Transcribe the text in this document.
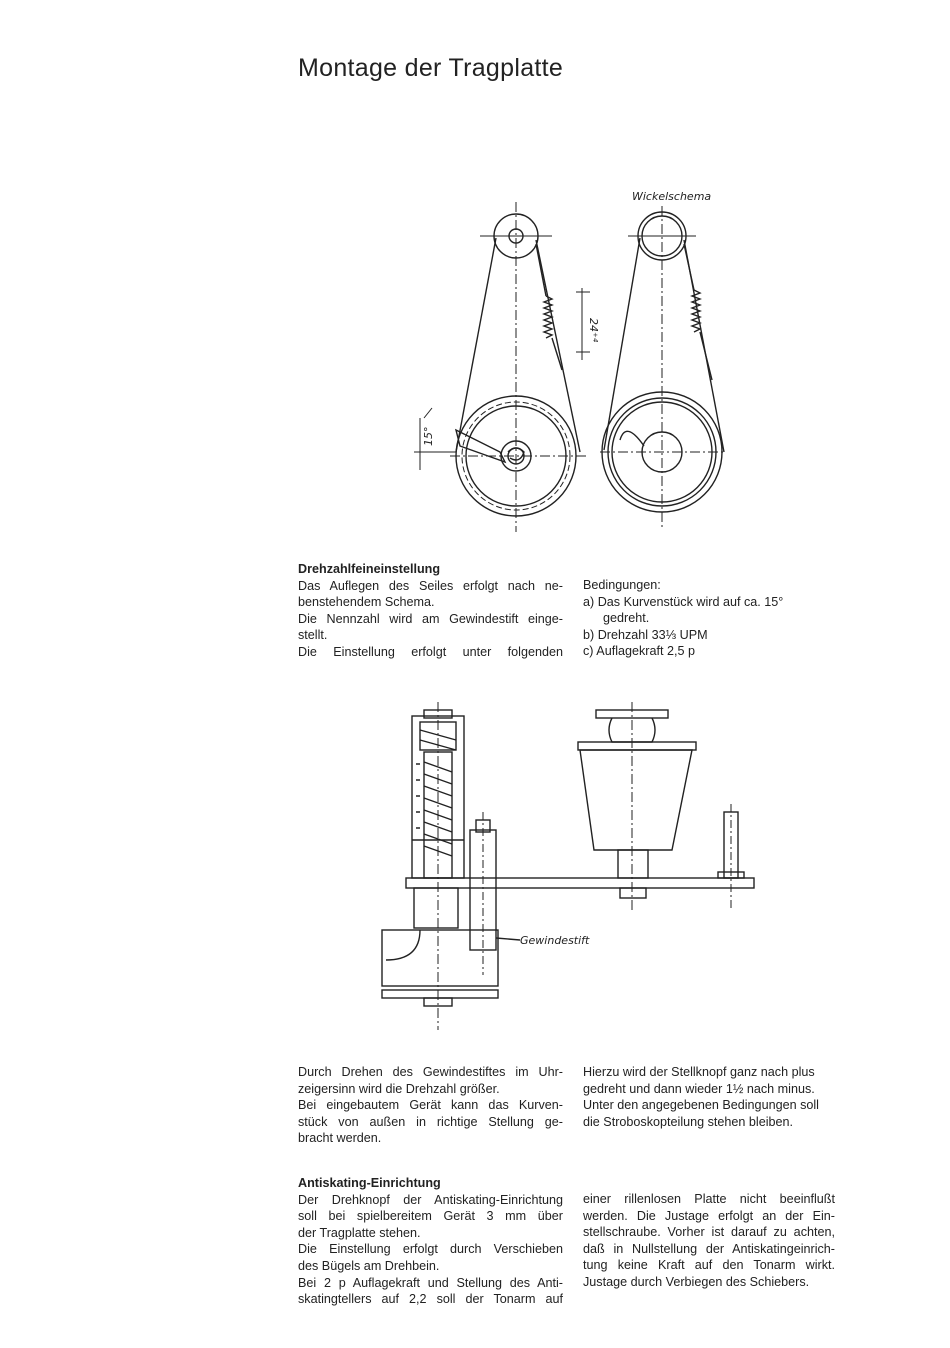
Montage der Tragplatte
Wickelschema
15°
24⁺⁴

Drehzahlfeineinstellung

Das Auflegen des Seiles erfolgt nach ne-

benstehendem Schema.

Die Nennzahl wird am Gewindestift einge-

stellt.

Die Einstellung erfolgt unter folgenden

Bedingungen:

a) Das Kurvenstück wird auf ca. 15°

gedreht.

b) Drehzahl 33⅓ UPM

c) Auflagekraft 2,5 p

Gewindestift

Durch Drehen des Gewindestiftes im Uhr-

zeigersinn wird die Drehzahl größer.

Bei eingebautem Gerät kann das Kurven-

stück von außen in richtige Stellung ge-

bracht werden.

Hierzu wird der Stellknopf ganz nach plus

gedreht und dann wieder 1½ nach minus.

Unter den angegebenen Bedingungen soll

die Stroboskopteilung stehen bleiben.

Antiskating-Einrichtung

Der Drehknopf der Antiskating-Einrichtung

soll bei spielbereitem Gerät 3 mm über

der Tragplatte stehen.

Die Einstellung erfolgt durch Verschieben

des Bügels am Drehbein.

Bei 2 p Auflagekraft und Stellung des Anti-

skatingtellers auf 2,2 soll der Tonarm auf

einer rillenlosen Platte nicht beeinflußt

werden. Die Justage erfolgt an der Ein-

stellschraube. Vorher ist darauf zu achten,

daß in Nullstellung der Antiskatingeinrich-

tung keine Kraft auf den Tonarm wirkt.

Justage durch Verbiegen des Schiebers.
